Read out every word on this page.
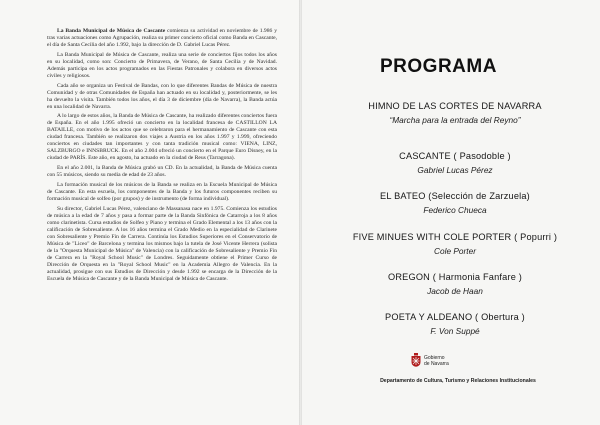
La Banda Municipal de Música de Cascante comienza su actividad en noviembre de 1.986 y tras varias actuaciones como Agrupación, realiza su primer concierto oficial como Banda en Cascante, el día de Santa Cecilia del año 1.992, bajo la dirección de D. Gabriel Lucas Pérez.

La Banda Municipal de Música de Cascante, realiza una serie de conciertos fijos todos los años en su localidad, como son: Concierto de Primavera, de Verano, de Santa Cecilia y de Navidad. Además participa en los actos programados en las Fiestas Patronales y colabora en diversos actos civiles y religiosos.

Cada año se organiza un Festival de Bandas, con lo que diferentes Bandas de Música de nuestra Comunidad y de otras Comunidades de España han actuado en su localidad y, posteriormente, se les ha devuelto la visita. También todos los años, el día 3 de diciembre (día de Navarra), la Banda actúa en una localidad de Navarra.

A lo largo de estos años, la Banda de Música de Cascante, ha realizado diferentes conciertos fuera de España. En el año 1.995 ofreció un concierto en la localidad francesa de CASTILLON LA BATAILLE, con motivo de los actos que se celebraron para el hermanamiento de Cascante con esta ciudad francesa. También se realizaron dos viajes a Austria en los años 1.997 y 1.999, ofreciendo conciertos en ciudades tan importantes y con tanta tradición musical como: VIENA, LINZ, SALZBURGO e INNSBRUCK. En el año 2.004 ofreció un concierto en el Parque Euro Disney, en la ciudad de PARÍS. Este año, en agosto, ha actuado en la ciudad de Reus (Tarragona).

En el año 2.001, la Banda de Música grabó un CD. En la actualidad, la Banda de Música cuenta con 55 músicos, siendo su media de edad de 23 años.

La formación musical de los músicos de la Banda se realiza en la Escuela Municipal de Música de Cascante. En esta escuela, los componentes de la Banda y los futuros componentes reciben su formación musical de solfeo (por grupos) y de instrumento (de forma individual).

Su director, Gabriel Lucas Pérez, valenciano de Massanasa nace en 1.975. Comienza los estudios de música a la edad de 7 años y pasa a formar parte de la Banda Sinfónica de Catarroja a los 8 años como clarinetista. Cursa estudios de Solfeo y Piano y termina el Grado Elemental a los 13 años con la calificación de Sobresaliente. A los 16 años termina el Grado Medio en la especialidad de Clarinete con Sobresaliente y Premio Fin de Carrera. Continúa los Estudios Superiores en el Conservatorio de Música de "Liceo" de Barcelona y termina los mismos bajo la tutela de José Vicente Herrera (solista de la "Orquesta Municipal de Música" de Valencia) con la calificación de Sobresaliente y Premio Fin de Carrera en la "Royal School Music" de Londres. Seguidamente obtiene el Primer Curso de Dirección de Orquesta en la "Royal School Music" en la Academia Allegro de Valencia. En la actualidad, prosigue con sus Estudios de Dirección y desde 1.992 se encarga de la Dirección de la Escuela de Música de Cascante y de la Banda Municipal de Música de Cascante.

PROGRAMA
HIMNO DE LAS CORTES DE NAVARRA
“Marcha para la entrada del Reyno”
CASCANTE ( Pasodoble )
Gabriel Lucas Pérez
EL BATEO (Selección de Zarzuela)
Federico Chueca
FIVE MINUES WITH COLE PORTER ( Popurri )
Cole Porter
OREGON ( Harmonia Fanfare )
Jacob de Haan
POETA Y ALDEANO ( Obertura )
F. Von Suppé
Gobierno
de Navarra
Departamento de Cultura, Turismo y Relaciones Institucionales
